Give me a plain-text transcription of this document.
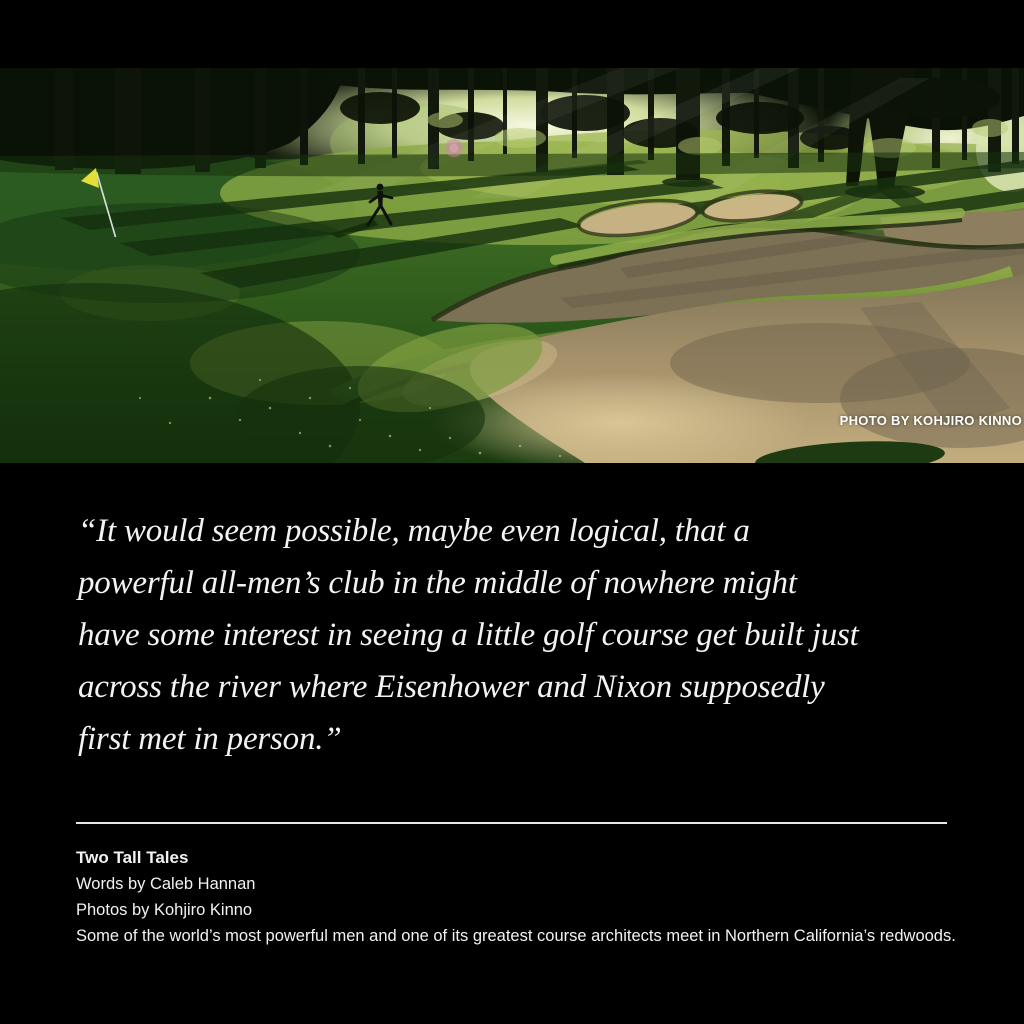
PHOTO BY KOHJIRO KINNO
“It would seem possible, maybe even logical, that a
powerful all-men’s club in the middle of nowhere might
have some interest in seeing a little golf course get built just
across the river where Eisenhower and Nixon supposedly
first met in person.”
Two Tall Tales
Words by Caleb Hannan
Photos by Kohjiro Kinno
Some of the world’s most powerful men and one of its greatest course architects meet in Northern California’s redwoods.
